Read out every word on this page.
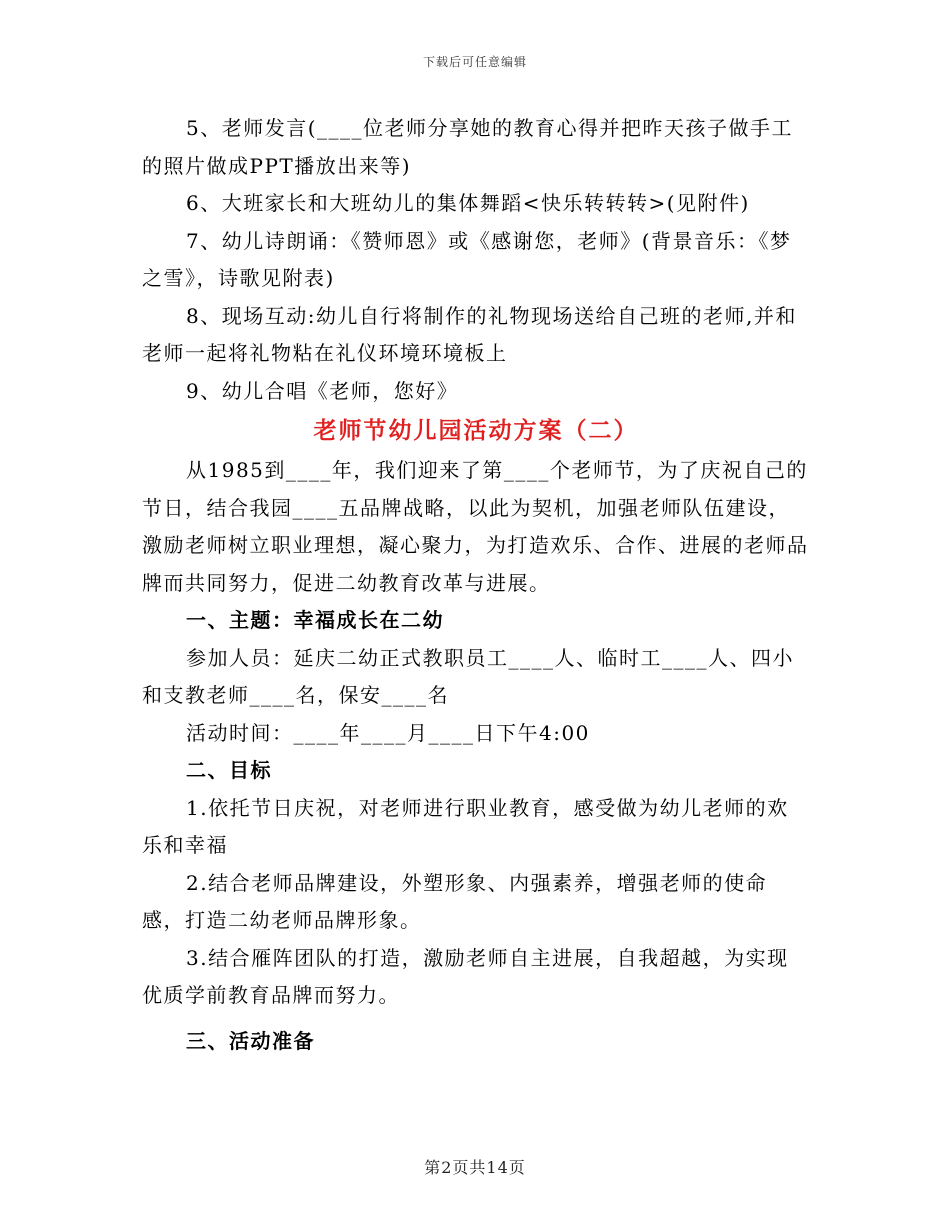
下载后可任意编辑

5、老师发言(____位老师分享她的教育心得并把昨天孩子做手工的照片做成PPT播放出来等)

6、大班家长和大班幼儿的集体舞蹈<快乐转转转>(见附件)

7、幼儿诗朗诵：《赞师恩》或《感谢您，老师》(背景音乐：《梦之雪》，诗歌见附表)

8、现场互动:幼儿自行将制作的礼物现场送给自己班的老师,并和老师一起将礼物粘在礼仪环境环境板上

9、幼儿合唱《老师，您好》

老师节幼儿园活动方案（二）

从1985到____年，我们迎来了第____个老师节，为了庆祝自己的节日，结合我园____五品牌战略，以此为契机，加强老师队伍建设，激励老师树立职业理想，凝心聚力，为打造欢乐、合作、进展的老师品牌而共同努力，促进二幼教育改革与进展。

一、主题：幸福成长在二幼

参加人员：延庆二幼正式教职员工____人、临时工____人、四小和支教老师____名，保安____名

活动时间：____年____月____日下午4:00

二、目标

1.依托节日庆祝，对老师进行职业教育，感受做为幼儿老师的欢乐和幸福

2.结合老师品牌建设，外塑形象、内强素养，增强老师的使命感，打造二幼老师品牌形象。

3.结合雁阵团队的打造，激励老师自主进展，自我超越，为实现优质学前教育品牌而努力。

三、活动准备

第2页共14页
